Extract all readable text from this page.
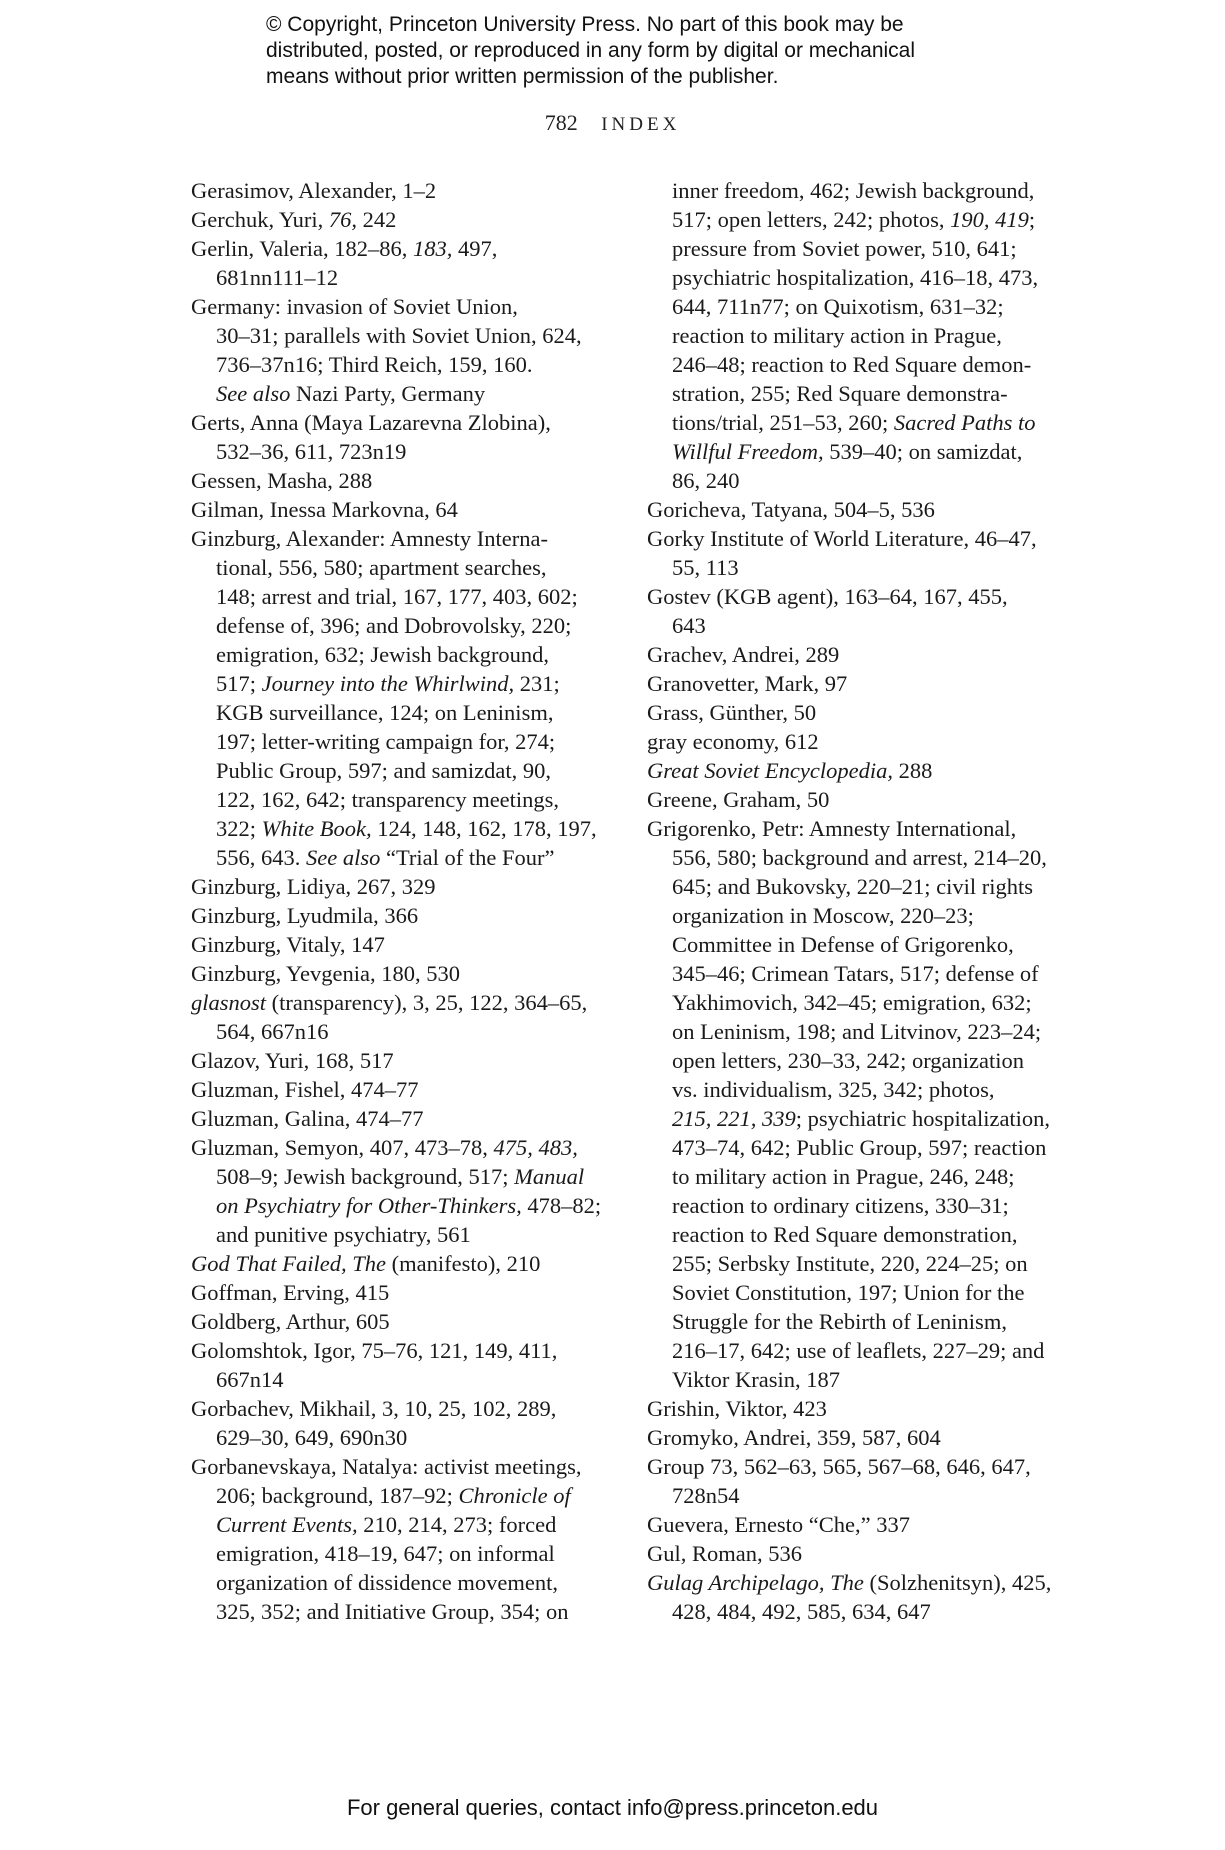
© Copyright, Princeton University Press. No part of this book may be
distributed, posted, or reproduced in any form by digital or mechanical
means without prior written permission of the publisher.
782 INDEX
Gerasimov, Alexander, 1–2
Gerchuk, Yuri, 76, 242
Gerlin, Valeria, 182–86, 183, 497,
681nn111–12
Germany: invasion of Soviet Union,
30–31; parallels with Soviet Union, 624,
736–37n16; Third Reich, 159, 160.
See also Nazi Party, Germany
Gerts, Anna (Maya Lazarevna Zlobina),
532–36, 611, 723n19
Gessen, Masha, 288
Gilman, Inessa Markovna, 64
Ginzburg, Alexander: Amnesty Interna-
tional, 556, 580; apartment searches,
148; arrest and trial, 167, 177, 403, 602;
defense of, 396; and Dobrovolsky, 220;
emigration, 632; Jewish background,
517; Journey into the Whirlwind, 231;
KGB surveillance, 124; on Leninism,
197; letter-writing campaign for, 274;
Public Group, 597; and samizdat, 90,
122, 162, 642; transparency meetings,
322; White Book, 124, 148, 162, 178, 197,
556, 643. See also “Trial of the Four”
Ginzburg, Lidiya, 267, 329
Ginzburg, Lyudmila, 366
Ginzburg, Vitaly, 147
Ginzburg, Yevgenia, 180, 530
glasnost (transparency), 3, 25, 122, 364–65,
564, 667n16
Glazov, Yuri, 168, 517
Gluzman, Fishel, 474–77
Gluzman, Galina, 474–77
Gluzman, Semyon, 407, 473–78, 475, 483,
508–9; Jewish background, 517; Manual
on Psychiatry for Other-Thinkers, 478–82;
and punitive psychiatry, 561
God That Failed, The (manifesto), 210
Goffman, Erving, 415
Goldberg, Arthur, 605
Golomshtok, Igor, 75–76, 121, 149, 411,
667n14
Gorbachev, Mikhail, 3, 10, 25, 102, 289,
629–30, 649, 690n30
Gorbanevskaya, Natalya: activist meetings,
206; background, 187–92; Chronicle of
Current Events, 210, 214, 273; forced
emigration, 418–19, 647; on informal
organization of dissidence movement,
325, 352; and Initiative Group, 354; on
inner freedom, 462; Jewish background,
517; open letters, 242; photos, 190, 419;
pressure from Soviet power, 510, 641;
psychiatric hospitalization, 416–18, 473,
644, 711n77; on Quixotism, 631–32;
reaction to military action in Prague,
246–48; reaction to Red Square demon-
stration, 255; Red Square demonstra-
tions/trial, 251–53, 260; Sacred Paths to
Willful Freedom, 539–40; on samizdat,
86, 240
Goricheva, Tatyana, 504–5, 536
Gorky Institute of World Literature, 46–47,
55, 113
Gostev (KGB agent), 163–64, 167, 455,
643
Grachev, Andrei, 289
Granovetter, Mark, 97
Grass, Günther, 50
gray economy, 612
Great Soviet Encyclopedia, 288
Greene, Graham, 50
Grigorenko, Petr: Amnesty International,
556, 580; background and arrest, 214–20,
645; and Bukovsky, 220–21; civil rights
organization in Moscow, 220–23;
Committee in Defense of Grigorenko,
345–46; Crimean Tatars, 517; defense of
Yakhimovich, 342–45; emigration, 632;
on Leninism, 198; and Litvinov, 223–24;
open letters, 230–33, 242; organization
vs. individualism, 325, 342; photos,
215, 221, 339; psychiatric hospitalization,
473–74, 642; Public Group, 597; reaction
to military action in Prague, 246, 248;
reaction to ordinary citizens, 330–31;
reaction to Red Square demonstration,
255; Serbsky Institute, 220, 224–25; on
Soviet Constitution, 197; Union for the
Struggle for the Rebirth of Leninism,
216–17, 642; use of leaflets, 227–29; and
Viktor Krasin, 187
Grishin, Viktor, 423
Gromyko, Andrei, 359, 587, 604
Group 73, 562–63, 565, 567–68, 646, 647,
728n54
Guevera, Ernesto “Che,” 337
Gul, Roman, 536
Gulag Archipelago, The (Solzhenitsyn), 425,
428, 484, 492, 585, 634, 647
For general queries, contact info@press.princeton.edu
